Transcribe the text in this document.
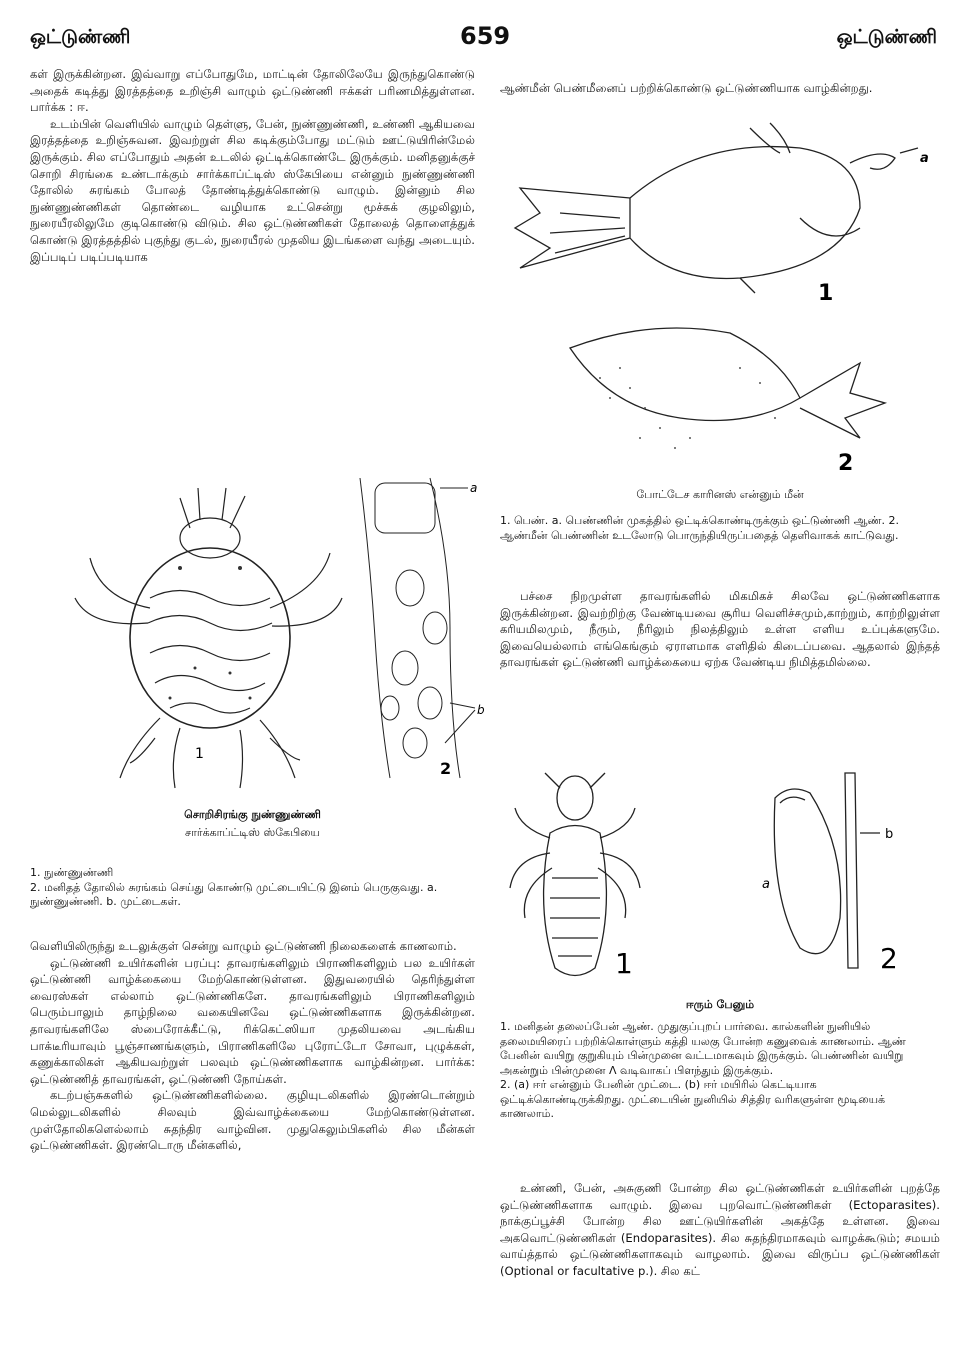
ஒட்டுண்ணி	659	ஒட்டுண்ணி

கள் இருக்கின்றன. இவ்வாறு எப்போதுமே, மாட்டின் தோலிலேயே இருந்துகொண்டு அதைக் கடித்து இரத்தத்தை உறிஞ்சி வாழும் ஒட்டுண்ணி ஈக்கள் பரிணமித்துள்ளன. பார்க்க : ஈ.

உடம்பின் வெளியில் வாழும் தெள்ளு, பேன், நுண்ணுண்ணி, உண்ணி ஆகியவை இரத்தத்தை உறிஞ்சுவன. இவற்றுள் சில கடிக்கும்போது மட்டும் ஊட்டுயிரின்மேல் இருக்கும். சில எப்போதும் அதன் உடலில் ஒட்டிக்கொண்டே இருக்கும். மனிதனுக்குச் சொறி சிரங்கை உண்டாக்கும் சார்க்காப்ட்டிஸ் ஸ்கேபியை என்னும் நுண்ணுண்ணி தோலில் சுரங்கம் போலத் தோண்டித்துக்கொண்டு வாழும். இன்னும் சில நுண்ணுண்ணிகள் தொண்டை வழியாக உட்சென்று மூச்சுக் குழலிலும், நுரையீரலிலுமே குடிகொண்டு விடும். சில ஒட்டுண்ணிகள் தோலைத் தொளைத்துக் கொண்டு இரத்தத்தில் புகுந்து குடல், நுரையீரல் முதலிய இடங்களை வந்து அடையும். இப்படிப் படிப்படியாக

1
2
a
b
சொறிசிரங்கு நுண்ணுண்ணி
சார்க்காப்ட்டிஸ் ஸ்கேபியை

1. நுண்ணுண்ணி

2. மனிதத் தோலில் சுரங்கம் செய்து கொண்டு முட்டையிட்டு இனம் பெருகுவது. a. நுண்ணுண்ணி. b. முட்டைகள்.

வெளியிலிருந்து உடலுக்குள் சென்று வாழும் ஒட்டுண்ணி நிலைகளைக் காணலாம்.

ஒட்டுண்ணி உயிர்களின் பரப்பு: தாவரங்களிலும் பிராணிகளிலும் பல உயிர்கள் ஒட்டுண்ணி வாழ்க்கையை மேற்கொண்டுள்ளன. இதுவரையில் தெரிந்துள்ள வைரஸ்கள் எல்லாம் ஒட்டுண்ணிகளே. தாவரங்களிலும் பிராணிகளிலும் பெரும்பாலும் தாழ்நிலை வகையினவே ஒட்டுண்ணிகளாக இருக்கின்றன. தாவரங்களிலே ஸ்பைரோக்கீட்டு, ரிக்கெட்ஸியா முதலியவை அடங்கிய பாக்டீரியாவும் பூஞ்சாணங்களும், பிராணிகளிலே புரோட்டோ சோவா, புழுக்கள், கணுக்காலிகள் ஆகியவற்றுள் பலவும் ஒட்டுண்ணிகளாக வாழ்கின்றன. பார்க்க: ஒட்டுண்ணித் தாவரங்கள், ஒட்டுண்ணி நோய்கள்.

கடற்பஞ்சுகளில் ஒட்டுண்ணிகளில்லை. குழியுடலிகளில் இரண்டொன்றும் மெல்லுடலிகளில் சிலவும் இவ்வாழ்க்கையை மேற்கொண்டுள்ளன. முள்தோலிகளெல்லாம் சுதந்திர வாழ்வின. முதுகெலும்பிகளில் சில மீன்கள் ஒட்டுண்ணிகள். இரண்டொரு மீன்களில்,

ஆண்மீன் பெண்மீனைப் பற்றிக்கொண்டு ஒட்டுண்ணியாக வாழ்கின்றது.
1
2
a
போட்டேச காரினஸ் என்னும் மீன்
1. பெண். a. பெண்ணின் முகத்தில் ஒட்டிக்கொண்டிருக்கும் ஒட்டுண்ணி ஆண். 2. ஆண்மீன் பெண்ணின் உடலோடு பொருந்தியிருப்பதைத் தெளிவாகக் காட்டுவது.
பச்சை நிறமுள்ள தாவரங்களில் மிகமிகச் சிலவே ஒட்டுண்ணிகளாக இருக்கின்றன. இவற்றிற்கு வேண்டியவை சூரிய வெளிச்சமும்,காற்றும், காற்றிலுள்ள கரியமிலமும், நீரும், நீரிலும் நிலத்திலும் உள்ள எளிய உப்புக்களுமே. இவையெல்லாம் எங்கெங்கும் ஏராளமாக எளிதில் கிடைப்பவை. ஆதலால் இந்தத் தாவரங்கள் ஒட்டுண்ணி வாழ்க்கையை ஏற்க வேண்டிய நிமித்தமில்லை.
1	2
a
b
ஈரும் பேனும்

1. மனிதன் தலைப்பேன் ஆண். முதுகுப்புறப் பார்வை. கால்களின் நுனியில் தலைமயிரைப் பற்றிக்கொள்ளும் கத்தி யலகு போன்ற கணுவைக் காணலாம். ஆண் பேனின் வயிறு குறுகியும் பின்முனை வட்டமாகவும் இருக்கும். பெண்ணின் வயிறு அகன்றும் பின்முனை Λ வடிவாகப் பிளந்தும் இருக்கும்.

2. (a) ஈர் என்னும் பேனின் முட்டை. (b) ஈர் மயிரில் கெட்டியாக ஒட்டிக்கொண்டிருக்கிறது. முட்டையின் நுனியில் சித்திர வரிகளுள்ள மூடியைக் காணலாம்.

உண்ணி, பேன், அசுகுணி போன்ற சில ஒட்டுண்ணிகள் உயிர்களின் புறத்தே ஒட்டுண்ணிகளாக வாழும். இவை புறவொட்டுண்ணிகள் (Ectoparasites). நாக்குப்பூச்சி போன்ற சில ஊட்டுயிர்களின் அகத்தே உள்ளன. இவை அகவொட்டுண்ணிகள் (Endoparasites). சில சுதந்திரமாகவும் வாழக்கூடும்; சமயம் வாய்த்தால் ஒட்டுண்ணிகளாகவும் வாழலாம். இவை விருப்ப ஒட்டுண்ணிகள் (Optional or facultative p.). சில கட்
